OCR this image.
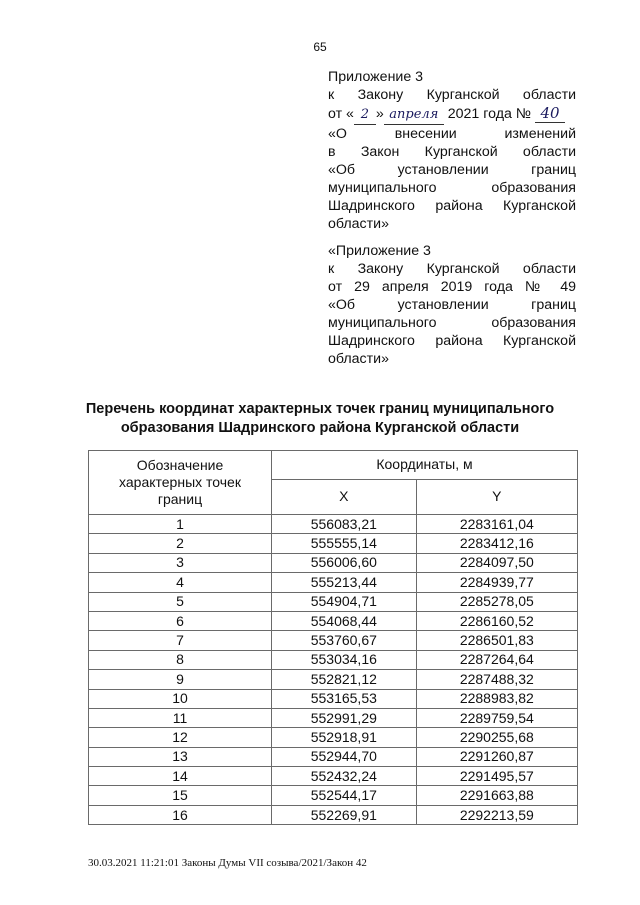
65
Приложение 3
к Закону Курганской области
от « 2 » апреля 2021 года № 40
«О внесении изменений
в Закон Курганской области
«Об установлении границ
муниципального образования
Шадринского района Курганской
области»
«Приложение 3
к Закону Курганской области
от 29 апреля 2019 года № 49
«Об установлении границ
муниципального образования
Шадринского района Курганской
области»
Перечень координат характерных точек границ муниципального
образования Шадринского района Курганской области
Обозначение характерных точек границ	Координаты, м	
	X	Y
1	556083,21	2283161,04
2	555555,14	2283412,16
3	556006,60	2284097,50
4	555213,44	2284939,77
5	554904,71	2285278,05
6	554068,44	2286160,52
7	553760,67	2286501,83
8	553034,16	2287264,64
9	552821,12	2287488,32
10	553165,53	2288983,82
11	552991,29	2289759,54
12	552918,91	2290255,68
13	552944,70	2291260,87
14	552432,24	2291495,57
15	552544,17	2291663,88
16	552269,91	2292213,59
30.03.2021 11:21:01 Законы Думы VII созыва/2021/Закон 42
